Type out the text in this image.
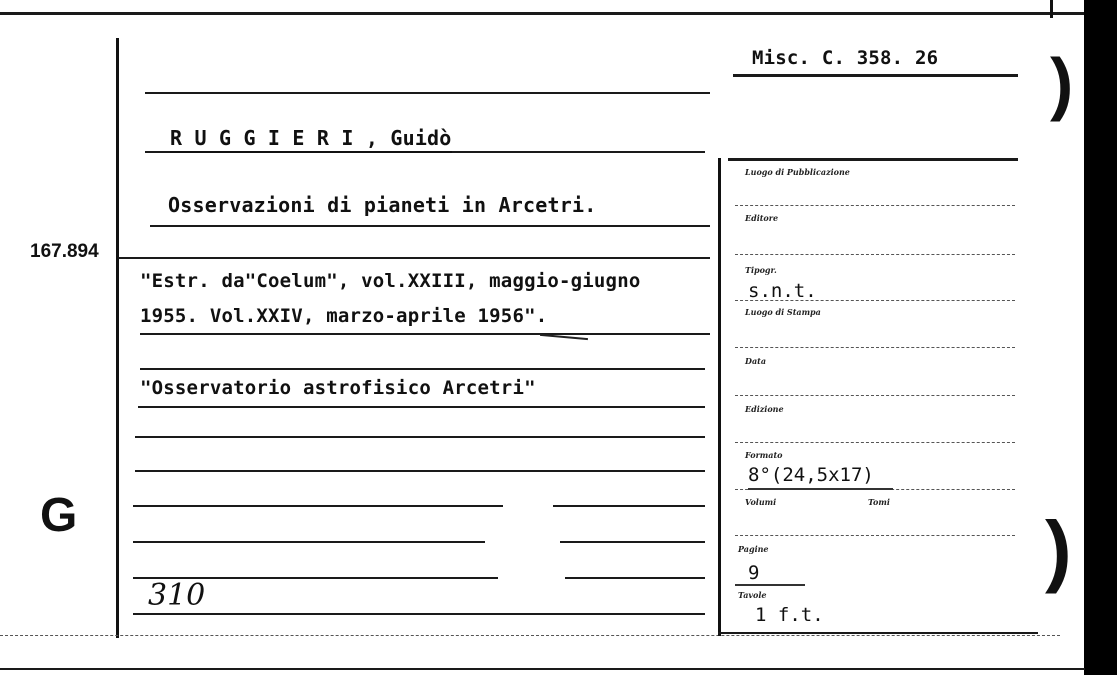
)
)
Misc. C. 358. 26
167.894
G
R U G G I E R I , Guidò
Osservazioni di pianeti in Arcetri.
"Estr. da"Coelum", vol.XXIII, maggio-giugno
1955. Vol.XXIV, marzo-aprile 1956".
"Osservatorio astrofisico Arcetri"
310
Luogo di Pubblicazione
Editore
Tipogr.
s.n.t.
Luogo di Stampa
Data
Edizione
Formato
8°(24,5x17)
Volumi	Tomi
Pagine
9
Tavole
1 f.t.
